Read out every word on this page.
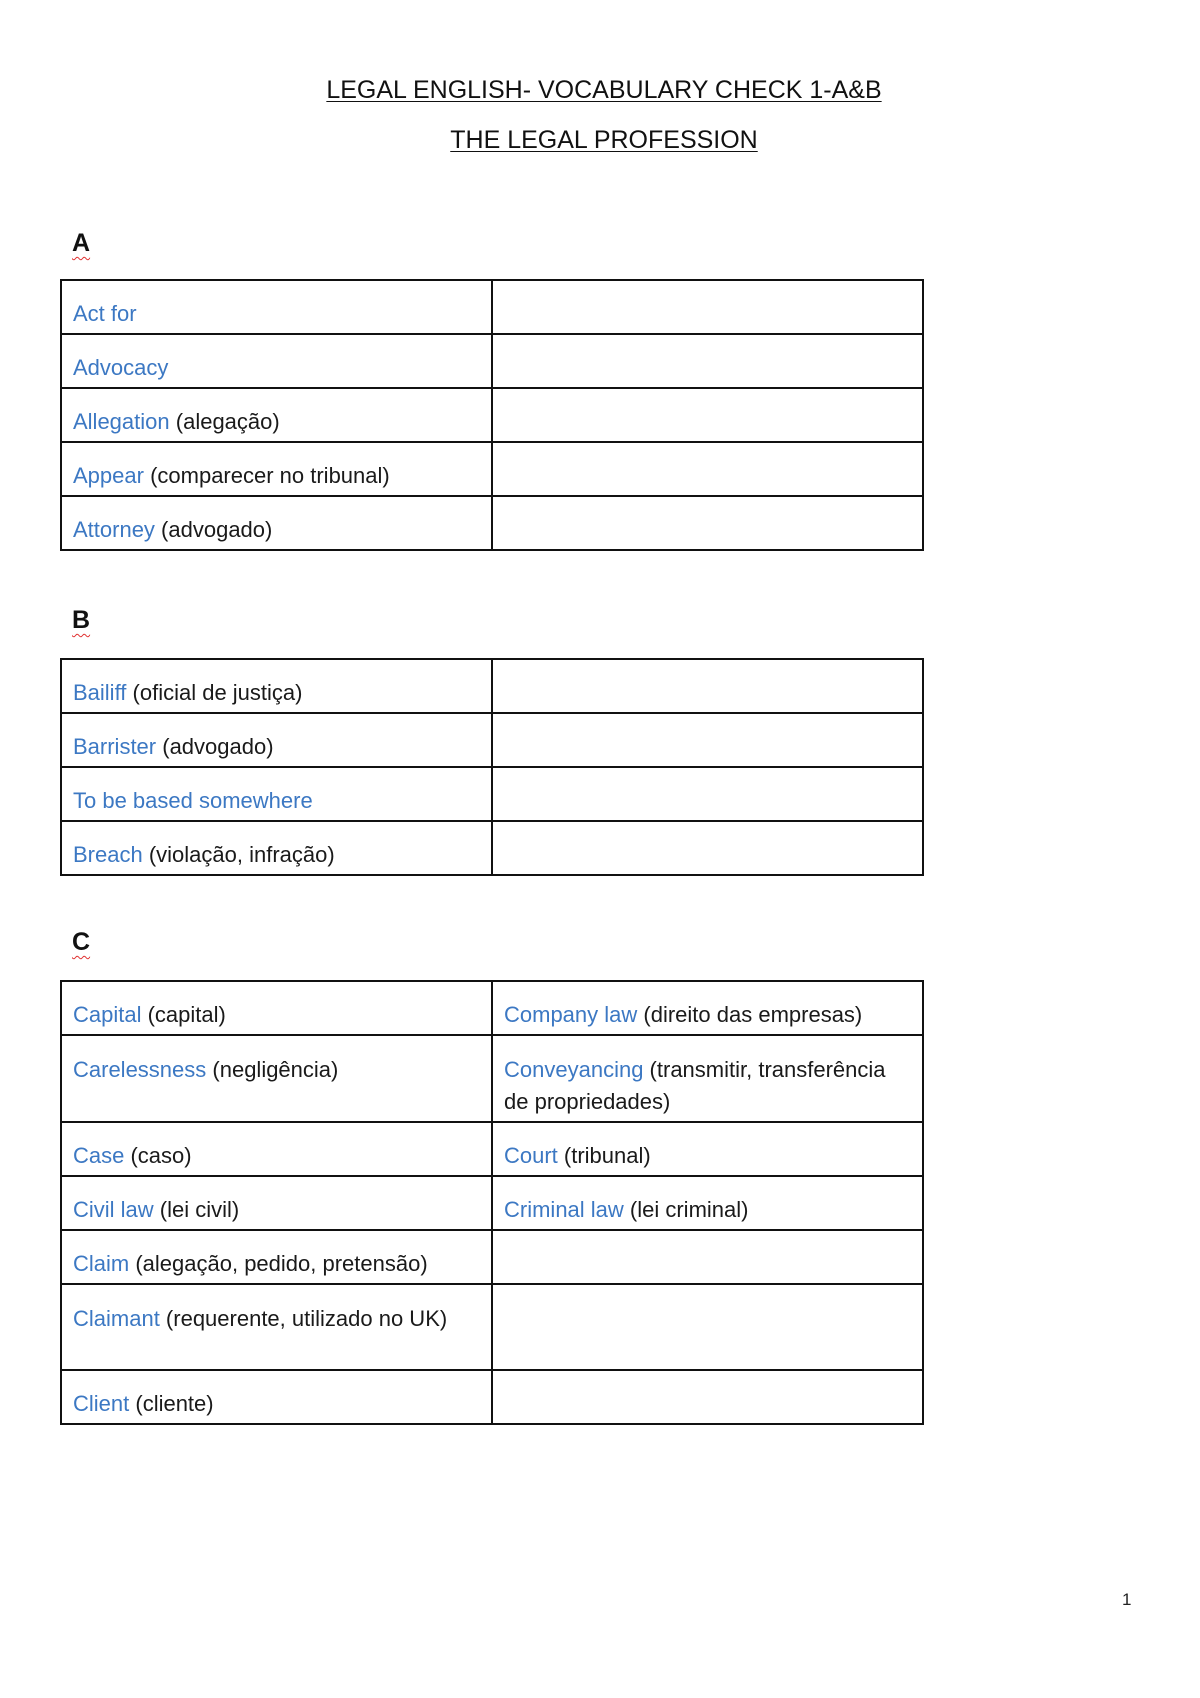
LEGAL ENGLISH- VOCABULARY CHECK 1-A&B
THE LEGAL PROFESSION
A
Act for	
Advocacy	
Allegation (alegação)	
Appear (comparecer no tribunal)	
Attorney (advogado)	
B
Bailiff (oficial de justiça)	
Barrister (advogado)	
To be based somewhere	
Breach (violação, infração)	
C
Capital (capital)	Company law (direito das empresas)
Carelessness (negligência)	Conveyancing (transmitir, transferência de propriedades)
Case (caso)	Court (tribunal)
Civil law (lei civil)	Criminal law (lei criminal)
Claim (alegação, pedido, pretensão)	
Claimant (requerente, utilizado no UK)	
Client (cliente)	
1
